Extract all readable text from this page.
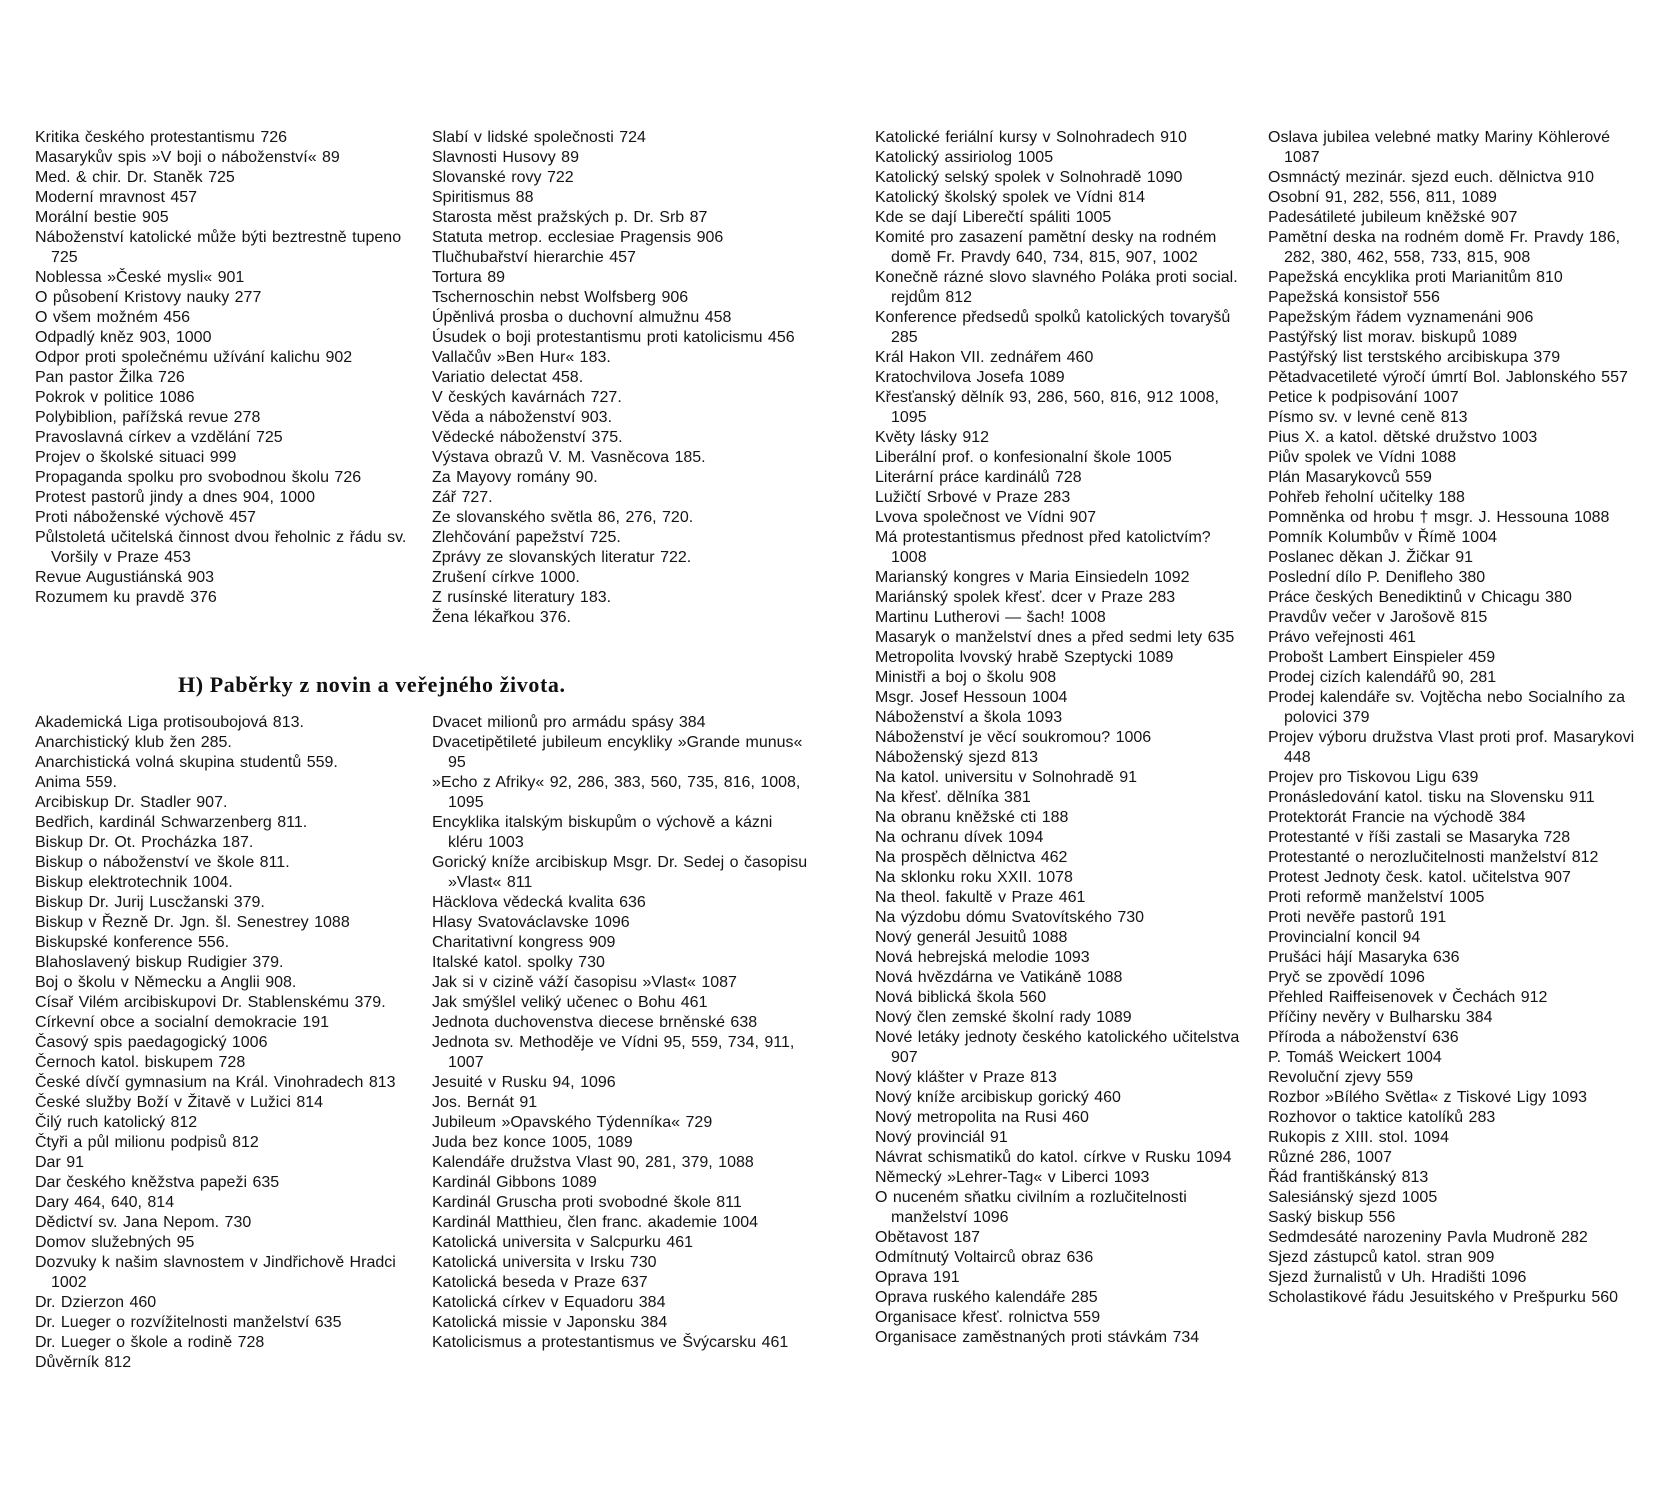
Kritika českého protestantismu 726
Masarykův spis »V boji o náboženství« 89
Med. & chir. Dr. Staněk 725
Moderní mravnost 457
Morální bestie 905
Náboženství katolické může býti beztrestně tupeno 725
Noblessa »České mysli« 901
O působení Kristovy nauky 277
O všem možném 456
Odpadlý kněz 903, 1000
Odpor proti společnému užívání kalichu 902
Pan pastor Žilka 726
Pokrok v politice 1086
Polybiblion, pařížská revue 278
Pravoslavná církev a vzdělání 725
Projev o školské situaci 999
Propaganda spolku pro svobodnou školu 726
Protest pastorů jindy a dnes 904, 1000
Proti náboženské výchově 457
Půlstoletá učitelská činnost dvou řeholnic z řádu sv. Voršily v Praze 453
Revue Augustiánská 903
Rozumem ku pravdě 376
Slabí v lidské společnosti 724
Slavnosti Husovy 89
Slovanské rovy 722
Spiritismus 88
Starosta měst pražských p. Dr. Srb 87
Statuta metrop. ecclesiae Pragensis 906
Tlučhubařství hierarchie 457
Tortura 89
Tschernoschin nebst Wolfsberg 906
Úpěnlivá prosba o duchovní almužnu 458
Úsudek o boji protestantismu proti katolicismu 456
Vallačův »Ben Hur« 183.
Variatio delectat 458.
V českých kavárnách 727.
Věda a náboženství 903.
Vědecké náboženství 375.
Výstava obrazů V. M. Vasněcova 185.
Za Mayovy romány 90.
Zář 727.
Ze slovanského světla 86, 276, 720.
Zlehčování papežství 725.
Zprávy ze slovanských literatur 722.
Zrušení církve 1000.
Z rusínské literatury 183.
Žena lékařkou 376.
H) Paběrky z novin a veřejného života.
Akademická Liga protisoubojová 813.
Anarchistický klub žen 285.
Anarchistická volná skupina studentů 559.
Anima 559.
Arcibiskup Dr. Stadler 907.
Bedřich, kardinál Schwarzenberg 811.
Biskup Dr. Ot. Procházka 187.
Biskup o náboženství ve škole 811.
Biskup elektrotechnik 1004.
Biskup Dr. Jurij Luscžanski 379.
Biskup v Řezně Dr. Jgn. šl. Senestrey 1088
Biskupské konference 556.
Blahoslavený biskup Rudigier 379.
Boj o školu v Německu a Anglii 908.
Císař Vilém arcibiskupovi Dr. Stablenskému 379.
Církevní obce a socialní demokracie 191
Časový spis paedagogický 1006
Černoch katol. biskupem 728
České dívčí gymnasium na Král. Vinohradech 813
České služby Boží v Žitavě v Lužici 814
Čilý ruch katolický 812
Čtyři a půl milionu podpisů 812
Dar 91
Dar českého kněžstva papeži 635
Dary 464, 640, 814
Dědictví sv. Jana Nepom. 730
Domov služebných 95
Dozvuky k našim slavnostem v Jindřichově Hradci 1002
Dr. Dzierzon 460
Dr. Lueger o rozvížitelnosti manželství 635
Dr. Lueger o škole a rodině 728
Důvěrník 812
Dvacet milionů pro armádu spásy 384
Dvacetipětileté jubileum encykliky »Grande munus« 95
»Echo z Afriky« 92, 286, 383, 560, 735, 816, 1008, 1095
Encyklika italským biskupům o výchově a kázni kléru 1003
Gorický kníže arcibiskup Msgr. Dr. Sedej o časopisu »Vlast« 811
Häcklova vědecká kvalita 636
Hlasy Svatováclavske 1096
Charitativní kongress 909
Italské katol. spolky 730
Jak si v cizině váží časopisu »Vlast« 1087
Jak smýšlel veliký učenec o Bohu 461
Jednota duchovenstva diecese brněnské 638
Jednota sv. Methoděje ve Vídni 95, 559, 734, 911, 1007
Jesuité v Rusku 94, 1096
Jos. Bernát 91
Jubileum »Opavského Týdenníka« 729
Juda bez konce 1005, 1089
Kalendáře družstva Vlast 90, 281, 379, 1088
Kardinál Gibbons 1089
Kardinál Gruscha proti svobodné škole 811
Kardinál Matthieu, člen franc. akademie 1004
Katolická universita v Salcpurku 461
Katolická universita v Irsku 730
Katolická beseda v Praze 637
Katolická církev v Equadoru 384
Katolická missie v Japonsku 384
Katolicismus a protestantismus ve Švýcarsku 461
Katolické feriální kursy v Solnohradech 910
Katolický assiriolog 1005
Katolický selský spolek v Solnohradě 1090
Katolický školský spolek ve Vídni 814
Kde se dají Liberečtí spáliti 1005
Komité pro zasazení pamětní desky na rodném domě Fr. Pravdy 640, 734, 815, 907, 1002
Konečně rázné slovo slavného Poláka proti social. rejdům 812
Konference předsedů spolků katolických tovaryšů 285
Král Hakon VII. zednářem 460
Kratochvilova Josefa 1089
Křesťanský dělník 93, 286, 560, 816, 912 1008, 1095
Květy lásky 912
Liberální prof. o konfesionalní škole 1005
Literární práce kardinálů 728
Lužičtí Srbové v Praze 283
Lvova společnost ve Vídni 907
Má protestantismus přednost před katolictvím? 1008
Marianský kongres v Maria Einsiedeln 1092
Mariánský spolek křesť. dcer v Praze 283
Martinu Lutherovi — šach! 1008
Masaryk o manželství dnes a před sedmi lety 635
Metropolita lvovský hrabě Szeptycki 1089
Ministři a boj o školu 908
Msgr. Josef Hessoun 1004
Náboženství a škola 1093
Náboženství je věcí soukromou? 1006
Náboženský sjezd 813
Na katol. universitu v Solnohradě 91
Na křesť. dělníka 381
Na obranu kněžské cti 188
Na ochranu dívek 1094
Na prospěch dělnictva 462
Na sklonku roku XXII. 1078
Na theol. fakultě v Praze 461
Na výzdobu dómu Svatovítského 730
Nový generál Jesuitů 1088
Nová hebrejská melodie 1093
Nová hvězdárna ve Vatikáně 1088
Nová biblická škola 560
Nový člen zemské školní rady 1089
Nové letáky jednoty českého katolického učitelstva 907
Nový klášter v Praze 813
Nový kníže arcibiskup gorický 460
Nový metropolita na Rusi 460
Nový provinciál 91
Návrat schismatiků do katol. církve v Rusku 1094
Německý »Lehrer-Tag« v Liberci 1093
O nuceném sňatku civilním a rozlučitelnosti manželství 1096
Obětavost 187
Odmítnutý Voltairců obraz 636
Oprava 191
Oprava ruského kalendáře 285
Organisace křesť. rolnictva 559
Organisace zaměstnaných proti stávkám 734
Oslava jubilea velebné matky Mariny Köhlerové 1087
Osmnáctý mezinár. sjezd euch. dělnictva 910
Osobní 91, 282, 556, 811, 1089
Padesátileté jubileum kněžské 907
Pamětní deska na rodném domě Fr. Pravdy 186, 282, 380, 462, 558, 733, 815, 908
Papežská encyklika proti Marianitům 810
Papežská konsistoř 556
Papežským řádem vyznamenáni 906
Pastýřský list morav. biskupů 1089
Pastýřský list terstského arcibiskupa 379
Pětadvacetileté výročí úmrtí Bol. Jablonského 557
Petice k podpisování 1007
Písmo sv. v levné ceně 813
Pius X. a katol. dětské družstvo 1003
Piův spolek ve Vídni 1088
Plán Masarykovců 559
Pohřeb řeholní učitelky 188
Pomněnka od hrobu † msgr. J. Hessouna 1088
Pomník Kolumbův v Římě 1004
Poslanec děkan J. Žičkar 91
Poslední dílo P. Denifleho 380
Práce českých Benediktinů v Chicagu 380
Pravdův večer v Jarošově 815
Právo veřejnosti 461
Probošt Lambert Einspieler 459
Prodej cizích kalendářů 90, 281
Prodej kalendáře sv. Vojtěcha nebo Socialního za polovici 379
Projev výboru družstva Vlast proti prof. Masarykovi 448
Projev pro Tiskovou Ligu 639
Pronásledování katol. tisku na Slovensku 911
Protektorát Francie na východě 384
Protestanté v říši zastali se Masaryka 728
Protestanté o nerozlučitelnosti manželství 812
Protest Jednoty česk. katol. učitelstva 907
Proti reformě manželství 1005
Proti nevěře pastorů 191
Provincialní koncil 94
Prušáci hájí Masaryka 636
Pryč se zpovědí 1096
Přehled Raiffeisenovek v Čechách 912
Příčiny nevěry v Bulharsku 384
Příroda a náboženství 636
P. Tomáš Weickert 1004
Revoluční zjevy 559
Rozbor »Bílého Světla« z Tiskové Ligy 1093
Rozhovor o taktice katolíků 283
Rukopis z XIII. stol. 1094
Různé 286, 1007
Řád františkánský 813
Salesiánský sjezd 1005
Saský biskup 556
Sedmdesáté narozeniny Pavla Mudroně 282
Sjezd zástupců katol. stran 909
Sjezd žurnalistů v Uh. Hradišti 1096
Scholastikové řádu Jesuitského v Prešpurku 560
